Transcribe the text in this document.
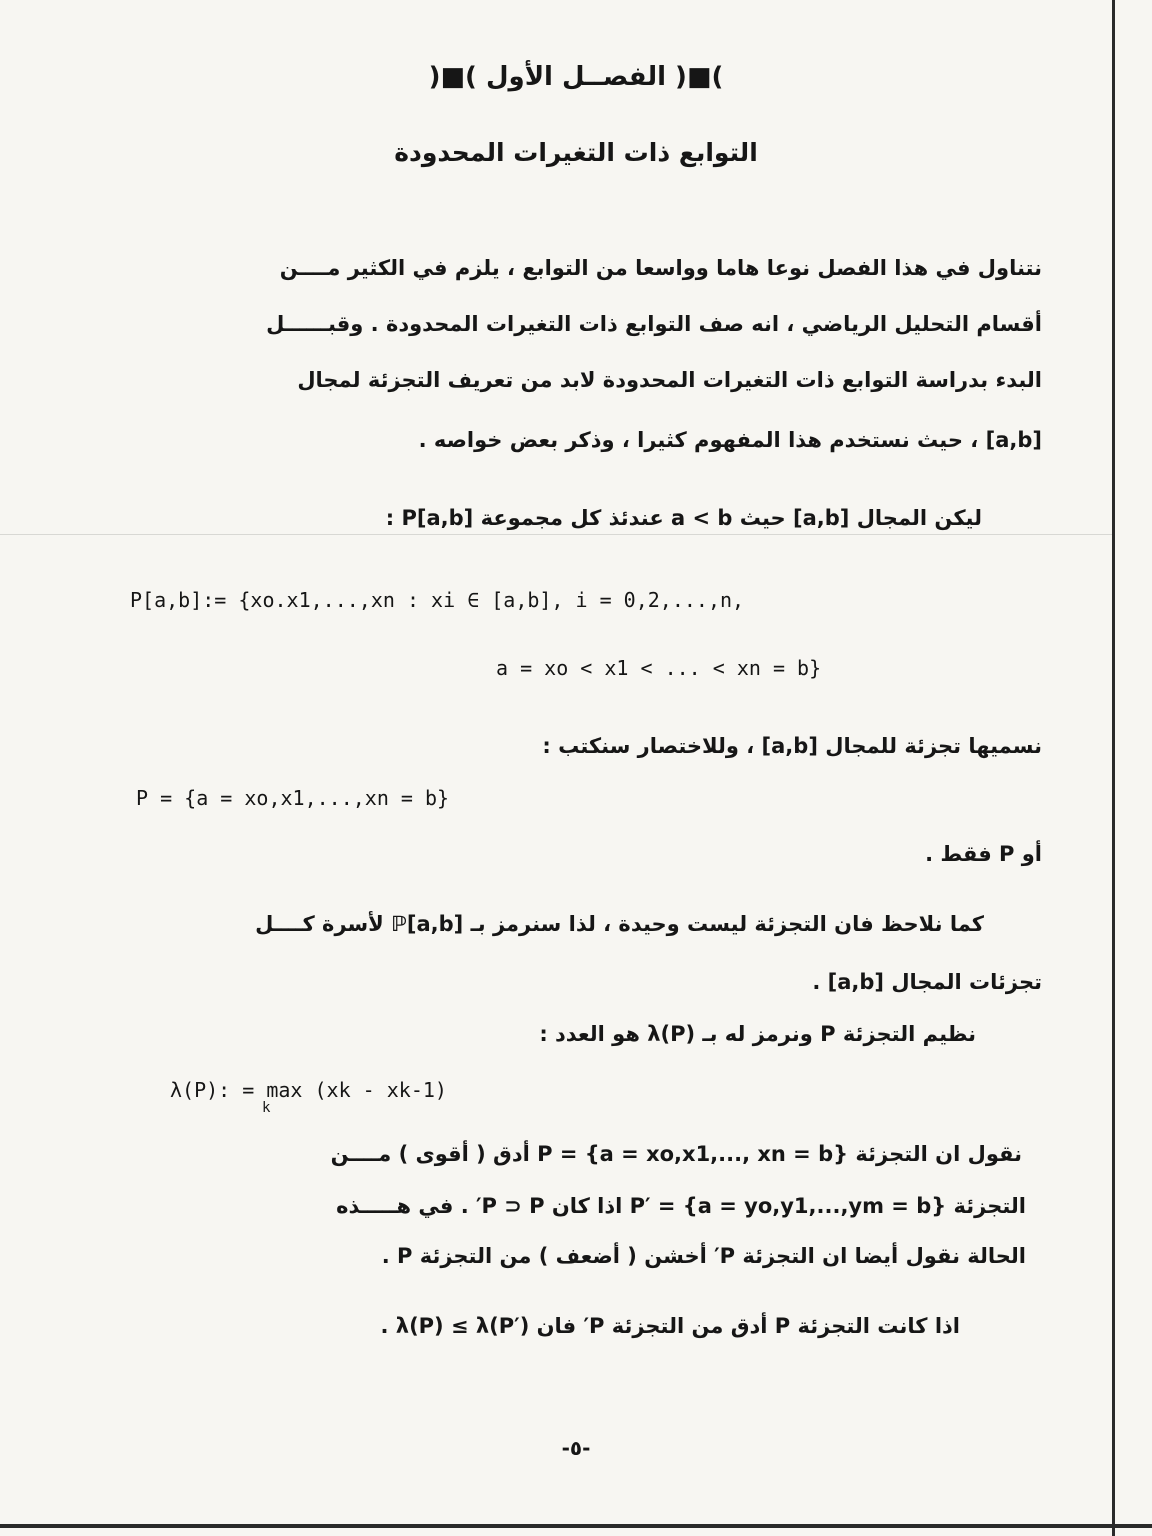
)■( الفصــل الأول )■(
التوابع ذات التغيرات المحدودة
نتناول في هذا الفصل نوعا هاما وواسعا من التوابع ، يلزم في الكثير مــــن
أقسام التحليل الرياضي ، انه صف التوابع ذات التغيرات المحدودة . وقبــــــل
البدء بدراسة التوابع ذات التغيرات المحدودة لابد من تعريف التجزئة لمجال
[a,b] ، حيث نستخدم هذا المفهوم كثيرا ، وذكر بعض خواصه .
ليكن المجال [a,b] حيث a < b عندئذ كل مجموعة P[a,b] :
P[a,b]:= {xo.x1,...,xn : xi ∈ [a,b], i = 0,2,...,n,
a = xo < x1 < ... < xn = b}
نسميها تجزئة للمجال [a,b] ، وللاختصار سنكتب :
P = {a = xo,x1,...,xn = b}
أو P فقط .
كما نلاحظ فان التجزئة ليست وحيدة ، لذا سنرمز بـ ℙ[a,b] لأسرة كــــل
تجزئات المجال [a,b] .
نظيم التجزئة P ونرمز له بـ λ(P) هو العدد :
λ(P): = max (xk - xk-1)
k
نقول ان التجزئة P = {a = xo,x1,..., xn = b} أدق ( أقوى ) مــــن
التجزئة P′ = {a = yo,y1,...,ym = b} اذا كان P ⊃ P′ . في هـــــذه
الحالة نقول أيضا ان التجزئة P′ أخشن ( أضعف ) من التجزئة P .
اذا كانت التجزئة P أدق من التجزئة P′ فان λ(P) ≤ λ(P′) .
-٥-
